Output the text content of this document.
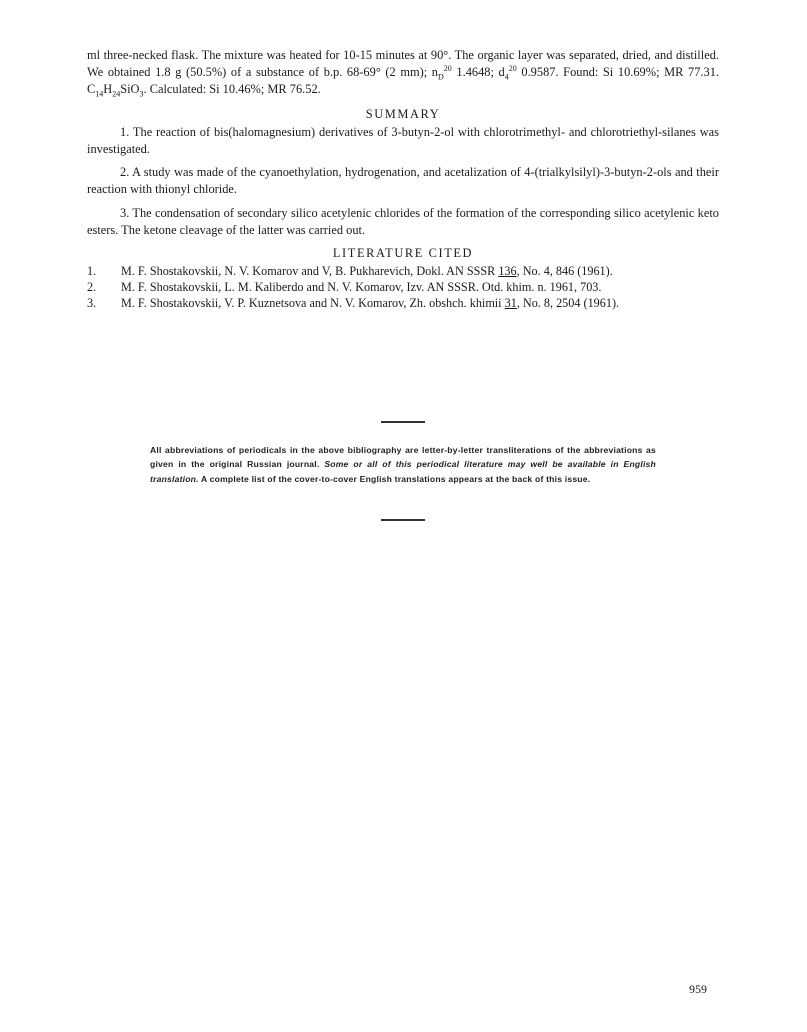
ml three-necked flask. The mixture was heated for 10-15 minutes at 90°. The organic layer was separated, dried, and distilled. We obtained 1.8 g (50.5%) of a substance of b.p. 68-69° (2 mm); $n_D^{20}$ 1.4648; $d_4^{20}$ 0.9587. Found: Si 10.69%; MR 77.31. $C_{14}H_{24}SiO_3$. Calculated: Si 10.46%; MR 76.52.

SUMMARY

1. The reaction of bis(halomagnesium) derivatives of 3-butyn-2-ol with chlorotrimethyl- and chlorotriethyl-silanes was investigated.

2. A study was made of the cyanoethylation, hydrogenation, and acetalization of 4-(trialkylsilyl)-3-butyn-2-ols and their reaction with thionyl chloride.

3. The condensation of secondary silico acetylenic chlorides of the formation of the corresponding silico acetylenic keto esters. The ketone cleavage of the latter was carried out.

LITERATURE CITED

1.	M. F. Shostakovskii, N. V. Komarov and V, B. Pukharevich, Dokl. AN SSSR 136, No. 4, 846 (1961).
2.	M. F. Shostakovskii, L. M. Kaliberdo and N. V. Komarov, Izv. AN SSSR. Otd. khim. n. 1961, 703.
3.	M. F. Shostakovskii, V. P. Kuznetsova and N. V. Komarov, Zh. obshch. khimii 31, No. 8, 2504 (1961).

All abbreviations of periodicals in the above bibliography are letter-by-letter transliterations of the abbreviations as given in the original Russian journal. Some or all of this periodical literature may well be available in English translation. A complete list of the cover-to-cover English translations appears at the back of this issue.

959
